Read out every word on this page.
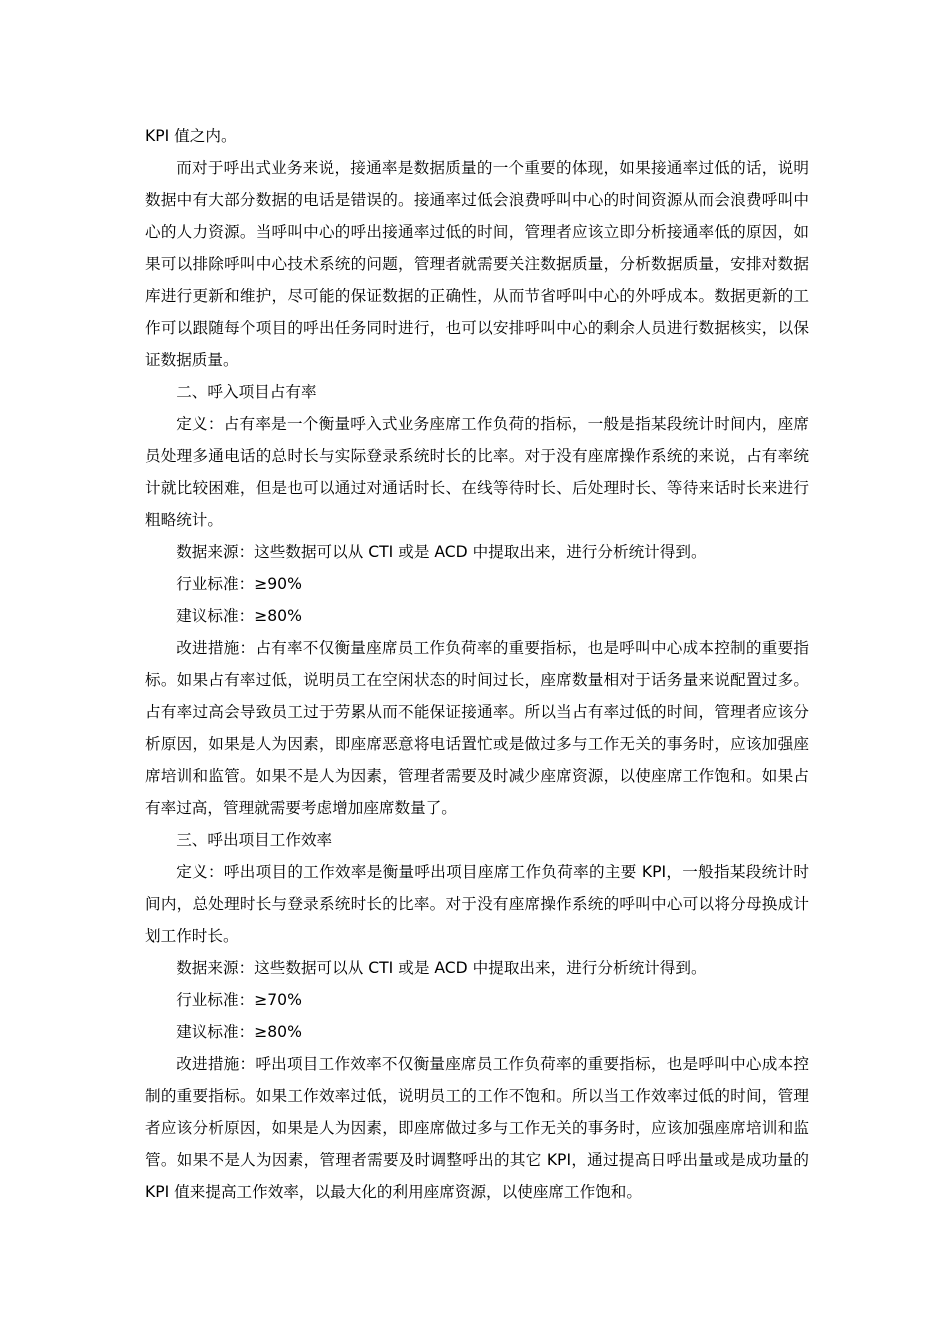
KPI 值之内。

而对于呼出式业务来说，接通率是数据质量的一个重要的体现，如果接通率过低的话，说明数据中有大部分数据的电话是错误的。接通率过低会浪费呼叫中心的时间资源从而会浪费呼叫中心的人力资源。当呼叫中心的呼出接通率过低的时间，管理者应该立即分析接通率低的原因，如果可以排除呼叫中心技术系统的问题，管理者就需要关注数据质量，分析数据质量，安排对数据库进行更新和维护，尽可能的保证数据的正确性，从而节省呼叫中心的外呼成本。数据更新的工作可以跟随每个项目的呼出任务同时进行，也可以安排呼叫中心的剩余人员进行数据核实，以保证数据质量。

二、呼入项目占有率

定义：占有率是一个衡量呼入式业务座席工作负荷的指标，一般是指某段统计时间内，座席员处理多通电话的总时长与实际登录系统时长的比率。对于没有座席操作系统的来说，占有率统计就比较困难，但是也可以通过对通话时长、在线等待时长、后处理时长、等待来话时长来进行粗略统计。

数据来源：这些数据可以从 CTI 或是 ACD 中提取出来，进行分析统计得到。

行业标准：≥90%

建议标准：≥80%

改进措施：占有率不仅衡量座席员工作负荷率的重要指标，也是呼叫中心成本控制的重要指标。如果占有率过低，说明员工在空闲状态的时间过长，座席数量相对于话务量来说配置过多。占有率过高会导致员工过于劳累从而不能保证接通率。所以当占有率过低的时间，管理者应该分析原因，如果是人为因素，即座席恶意将电话置忙或是做过多与工作无关的事务时，应该加强座席培训和监管。如果不是人为因素，管理者需要及时减少座席资源，以使座席工作饱和。如果占有率过高，管理就需要考虑增加座席数量了。

三、呼出项目工作效率

定义：呼出项目的工作效率是衡量呼出项目座席工作负荷率的主要 KPI，一般指某段统计时间内，总处理时长与登录系统时长的比率。对于没有座席操作系统的呼叫中心可以将分母换成计划工作时长。

数据来源：这些数据可以从 CTI 或是 ACD 中提取出来，进行分析统计得到。

行业标准：≥70%

建议标准：≥80%

改进措施：呼出项目工作效率不仅衡量座席员工作负荷率的重要指标，也是呼叫中心成本控制的重要指标。如果工作效率过低，说明员工的工作不饱和。所以当工作效率过低的时间，管理者应该分析原因，如果是人为因素，即座席做过多与工作无关的事务时，应该加强座席培训和监管。如果不是人为因素，管理者需要及时调整呼出的其它 KPI，通过提高日呼出量或是成功量的 KPI 值来提高工作效率，以最大化的利用座席资源，以使座席工作饱和。
